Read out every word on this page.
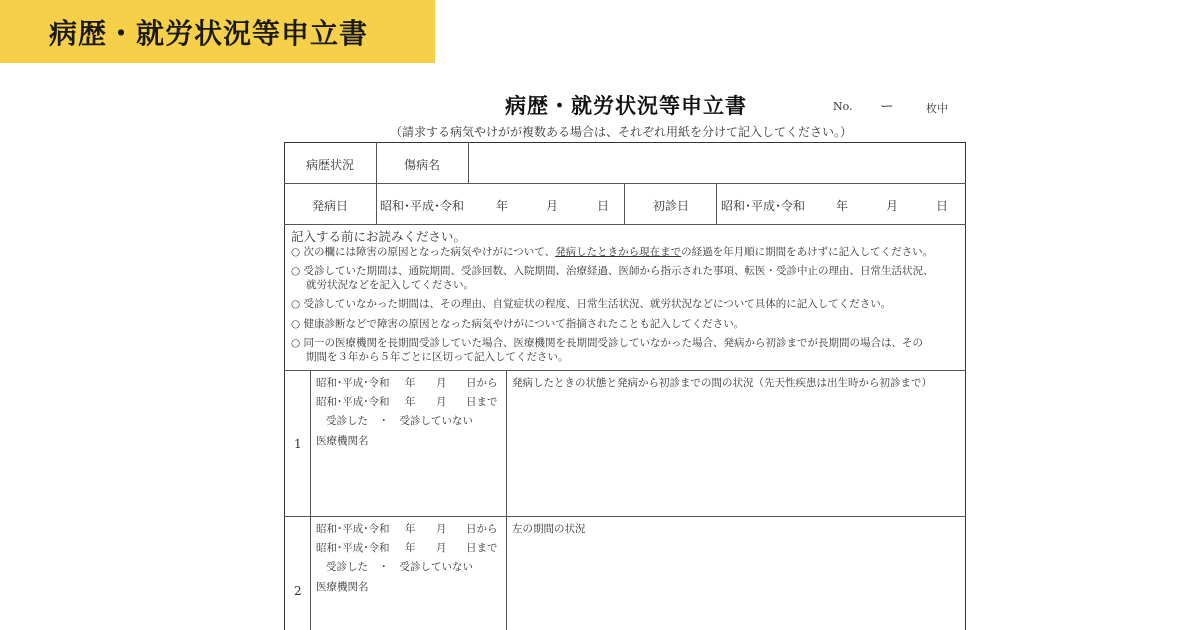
病歴・就労状況等申立書
病歴・就労状況等申立書	No. ー	枚中
（請求する病気やけがが複数ある場合は、それぞれ用紙を分けて記入してください。）
病歴状況	傷病名
発病日	昭和･平成･令和	年	月	日	初診日	昭和･平成･令和	年	月	日
記入する前にお読みください。
○ 次の欄には障害の原因となった病気やけがについて、発病したときから現在までの経過を年月順に期間をあけずに記入してください。
○ 受診していた期間は、通院期間、受診回数、入院期間、治療経過、医師から指示された事項、転医・受診中止の理由、日常生活状況、
就労状況などを記入してください。
○ 受診していなかった期間は、その理由、自覚症状の程度、日常生活状況、就労状況などについて具体的に記入してください。
○ 健康診断などで障害の原因となった病気やけがについて指摘されたことも記入してください。
○ 同一の医療機関を長期間受診していた場合、医療機関を長期間受診していなかった場合、発病から初診までが長期間の場合は、その
期間を３年から５年ごとに区切って記入してください。
1
昭和･平成･令和 年 月 日から
昭和･平成･令和 年 月 日まで
受診した　・　受診していない
医療機関名
発病したときの状態と発病から初診までの間の状況（先天性疾患は出生時から初診まで）
2
昭和･平成･令和 年 月 日から
昭和･平成･令和 年 月 日まで
受診した　・　受診していない
医療機関名
左の期間の状況
